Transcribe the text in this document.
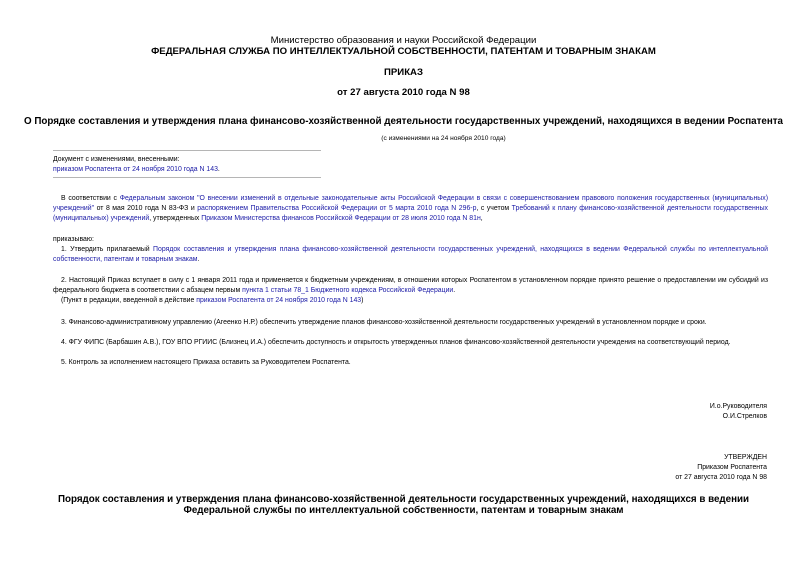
Министерство образования и науки Российской Федерации
ФЕДЕРАЛЬНАЯ СЛУЖБА ПО ИНТЕЛЛЕКТУАЛЬНОЙ СОБСТВЕННОСТИ, ПАТЕНТАМ И ТОВАРНЫМ ЗНАКАМ
ПРИКАЗ
от 27 августа 2010 года N 98
О Порядке составления и утверждения плана финансово-хозяйственной деятельности государственных учреждений, находящихся в ведении Роспатента
(с изменениями на 24 ноября 2010 года)
Документ с изменениями, внесенными:
приказом Роспатента от 24 ноября 2010 года N 143.
В соответствии с Федеральным законом "О внесении изменений в отдельные законодательные акты Российской Федерации в связи с совершенствованием правового положения государственных (муниципальных) учреждений" от 8 мая 2010 года N 83-ФЗ и распоряжением Правительства Российской Федерации от 5 марта 2010 года N 296-р, с учетом Требований к плану финансово-хозяйственной деятельности государственных (муниципальных) учреждений, утвержденных Приказом Министерства финансов Российской Федерации от 28 июля 2010 года N 81н,
приказываю:
1. Утвердить прилагаемый Порядок составления и утверждения плана финансово-хозяйственной деятельности государственных учреждений, находящихся в ведении Федеральной службы по интеллектуальной собственности, патентам и товарным знакам.
2. Настоящий Приказ вступает в силу с 1 января 2011 года и применяется к бюджетным учреждениям, в отношении которых Роспатентом в установленном порядке принято решение о предоставлении им субсидий из федерального бюджета в соответствии с абзацем первым пункта 1 статьи 78_1 Бюджетного кодекса Российской Федерации.
(Пункт в редакции, введенной в действие приказом Роспатента от 24 ноября 2010 года N 143)
3. Финансово-административному управлению (Агеенко Н.Р.) обеспечить утверждение планов финансово-хозяйственной деятельности государственных учреждений в установленном порядке и сроки.
4. ФГУ ФИПС (Барбашин А.В.), ГОУ ВПО РГИИС (Близнец И.А.) обеспечить доступность и открытость утвержденных планов финансово-хозяйственной деятельности учреждения на соответствующий период.
5. Контроль за исполнением настоящего Приказа оставить за Руководителем Роспатента.
И.о.Руководителя
О.И.Стрелков
УТВЕРЖДЕН
Приказом Роспатента
от 27 августа 2010 года N 98
Порядок составления и утверждения плана финансово-хозяйственной деятельности государственных учреждений, находящихся в ведении Федеральной службы по интеллектуальной собственности, патентам и товарным знакам
